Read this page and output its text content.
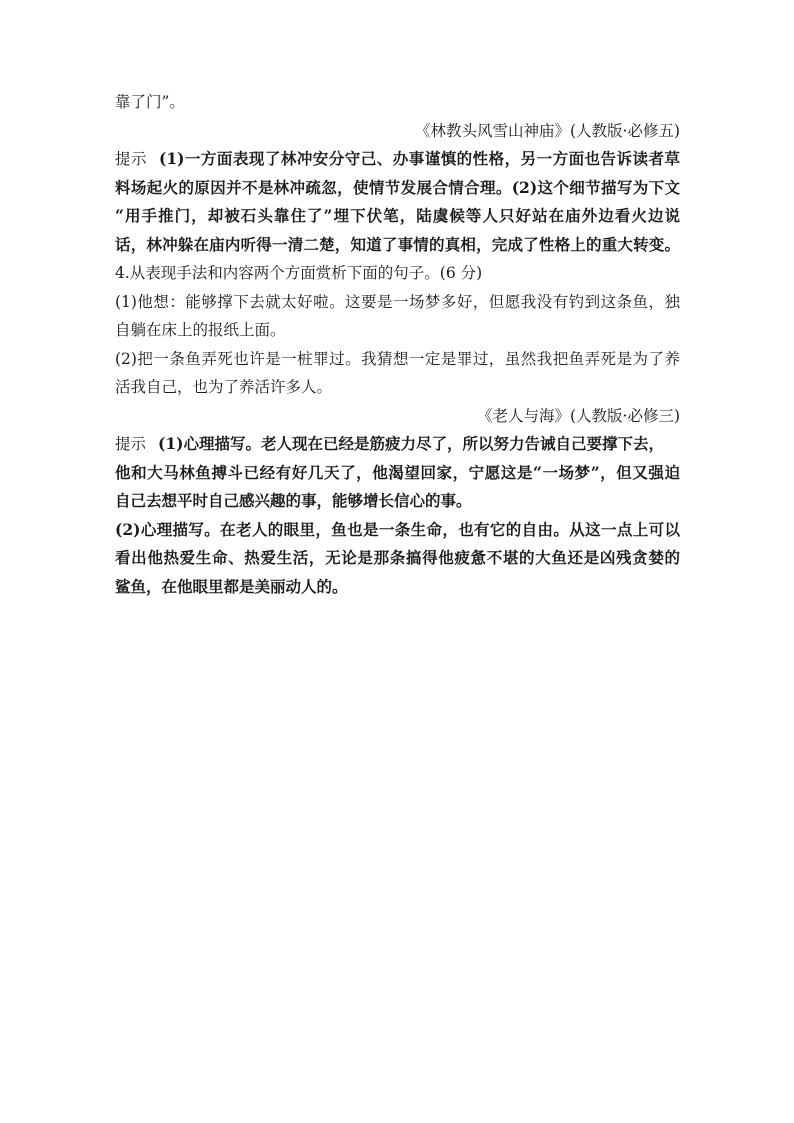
靠了门”。
《林教头风雪山神庙》(人教版·必修五)
提示 (1)一方面表现了林冲安分守己、办事谨慎的性格，另一方面也告诉读者草
料场起火的原因并不是林冲疏忽，使情节发展合情合理。(2)这个细节描写为下文
“用手推门，却被石头靠住了”埋下伏笔，陆虞候等人只好站在庙外边看火边说
话，林冲躲在庙内听得一清二楚，知道了事情的真相，完成了性格上的重大转变。
4.从表现手法和内容两个方面赏析下面的句子。(6 分)
(1)他想：能够撑下去就太好啦。这要是一场梦多好，但愿我没有钓到这条鱼，独
自躺在床上的报纸上面。
(2)把一条鱼弄死也许是一桩罪过。我猜想一定是罪过，虽然我把鱼弄死是为了养
活我自己，也为了养活许多人。
《老人与海》(人教版·必修三)
提示 (1)心理描写。老人现在已经是筋疲力尽了，所以努力告诫自己要撑下去，
他和大马林鱼搏斗已经有好几天了，他渴望回家，宁愿这是“一场梦”，但又强迫
自己去想平时自己感兴趣的事，能够增长信心的事。
(2)心理描写。在老人的眼里，鱼也是一条生命，也有它的自由。从这一点上可以
看出他热爱生命、热爱生活，无论是那条搞得他疲惫不堪的大鱼还是凶残贪婪的
鲨鱼，在他眼里都是美丽动人的。
